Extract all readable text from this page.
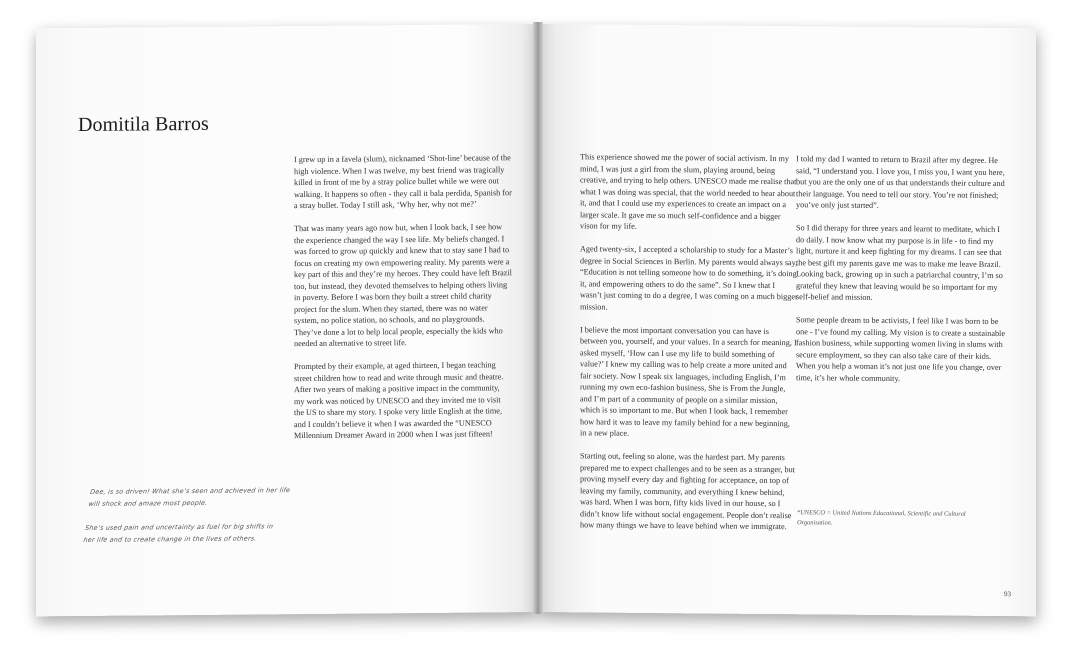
Domitila Barros

I grew up in a favela (slum), nicknamed ‘Shot-line’ because of the high violence. When I was twelve, my best friend was tragically killed in front of me by a stray police bullet while we were out walking. It happens so often - they call it bala perdida, Spanish for a stray bullet. Today I still ask, ‘Why her, why not me?’

That was many years ago now but, when I look back, I see how the experience changed the way I see life. My beliefs changed. I was forced to grow up quickly and knew that to stay sane I had to focus on creating my own empowering reality. My parents were a key part of this and they’re my heroes. They could have left Brazil too, but instead, they devoted themselves to helping others living in poverty. Before I was born they built a street child charity project for the slum. When they started, there was no water system, no police station, no schools, and no playgrounds. They’ve done a lot to help local people, especially the kids who needed an alternative to street life.

Prompted by their example, at aged thirteen, I began teaching street children how to read and write through music and theatre. After two years of making a positive impact in the community, my work was noticed by UNESCO and they invited me to visit the US to share my story. I spoke very little English at the time, and I couldn’t believe it when I was awarded the “UNESCO Millennium Dreamer Award in 2000 when I was just fifteen!

Dee, is so driven! What she’s seen and achieved in her life will shock and amaze most people.

She’s used pain and uncertainty as fuel for big shifts in her life and to create change in the lives of others.

This experience showed me the power of social activism. In my mind, I was just a girl from the slum, playing around, being creative, and trying to help others. UNESCO made me realise that what I was doing was special, that the world needed to hear about it, and that I could use my experiences to create an impact on a larger scale. It gave me so much self-confidence and a bigger vison for my life.

Aged twenty-six, I accepted a scholarship to study for a Master’s degree in Social Sciences in Berlin. My parents would always say, “Education is not telling someone how to do something, it’s doing it, and empowering others to do the same”. So I knew that I wasn’t just coming to do a degree, I was coming on a much bigger mission.

I believe the most important conversation you can have is between you, yourself, and your values. In a search for meaning, I asked myself, ‘How can I use my life to build something of value?’ I knew my calling was to help create a more united and fair society. Now I speak six languages, including English, I’m running my own eco-fashion business, She is From the Jungle, and I’m part of a community of people on a similar mission, which is so important to me. But when I look back, I remember how hard it was to leave my family behind for a new beginning, in a new place.

Starting out, feeling so alone, was the hardest part. My parents prepared me to expect challenges and to be seen as a stranger, but proving myself every day and fighting for acceptance, on top of leaving my family, community, and everything I knew behind, was hard. When I was born, fifty kids lived in our house, so I didn’t know life without social engagement. People don’t realise how many things we have to leave behind when we immigrate.

I told my dad I wanted to return to Brazil after my degree. He said, “I understand you. I love you, I miss you, I want you here, but you are the only one of us that understands their culture and their language. You need to tell our story. You’re not finished; you’ve only just started”.

So I did therapy for three years and learnt to meditate, which I do daily. I now know what my purpose is in life - to find my light, nurture it and keep fighting for my dreams. I can see that the best gift my parents gave me was to make me leave Brazil. Looking back, growing up in such a patriarchal country, I’m so grateful they knew that leaving would be so important for my self-belief and mission.

Some people dream to be activists, I feel like I was born to be one - I’ve found my calling. My vision is to create a sustainable fashion business, while supporting women living in slums with secure employment, so they can also take care of their kids. When you help a woman it’s not just one life you change, over time, it’s her whole community.

*UNESCO = United Nations Educational, Scientific and Cultural Organisation.
93
